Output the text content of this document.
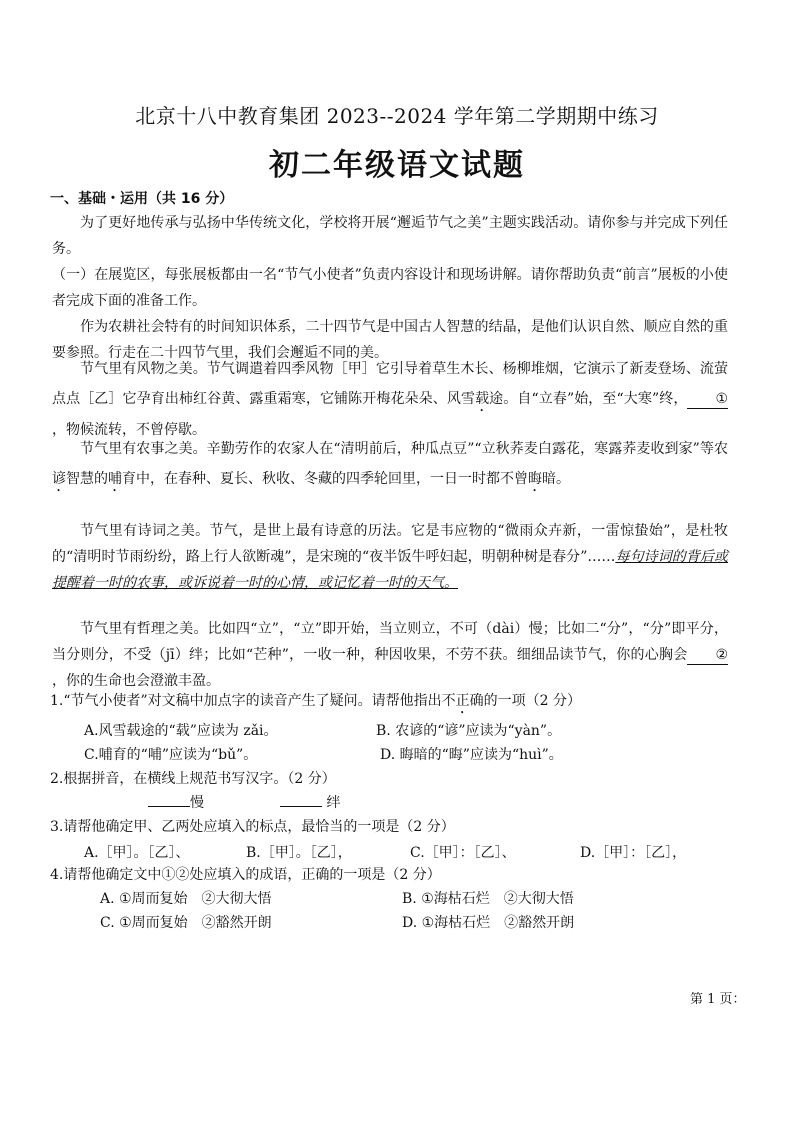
北京十八中教育集团 2023--2024 学年第二学期期中练习
初二年级语文试题
一、基础・运用（共 16 分）
为了更好地传承与弘扬中华传统文化，学校将开展“邂逅节气之美”主题实践活动。请你参与并完成下列任务。
（一）在展览区，每张展板都由一名“节气小使者”负责内容设计和现场讲解。请你帮助负责“前言”展板的小使者完成下面的准备工作。
作为农耕社会特有的时间知识体系，二十四节气是中国古人智慧的结晶，是他们认识自然、顺应自然的重要参照。行走在二十四节气里，我们会邂逅不同的美。
节气里有风物之美。节气调遣着四季风物［甲］它引导着草生木长、杨柳堆烟，它演示了新麦登场、流萤点点［乙］它孕育出柿红谷黄、露重霜寒，它铺陈开梅花朵朵、风雪载途。自“立春”始，至“大寒”终， ①，物候流转，不曾停歇。
节气里有农事之美。辛勤劳作的农家人在“清明前后，种瓜点豆”“立秋荞麦白露花，寒露荞麦收到家”等农谚智慧的哺育中，在春种、夏长、秋收、冬藏的四季轮回里，一日一时都不曾晦暗。
节气里有诗词之美。节气，是世上最有诗意的历法。它是韦应物的“微雨众卉新，一雷惊蛰始”，是杜牧的“清明时节雨纷纷，路上行人欲断魂”，是宋琬的“夜半饭牛呼妇起，明朝种树是春分”……每句诗词的背后或提醒着一时的农事，或诉说着一时的心情，或记忆着一时的天气。
节气里有哲理之美。比如四“立”，“立”即开始，当立则立，不可（dài）慢；比如二“分”，“分”即平分，当分则分，不受（jī）绊；比如“芒种”，一收一种，种因收果，不劳不获。细细品读节气，你的心胸会 ②，你的生命也会澄澈丰盈。
1.“节气小使者”对文稿中加点字的读音产生了疑问。请帮他指出不正确的一项（2 分）
A.风雪载途的“载”应读为 zǎi。	B. 农谚的“谚”应读为“yàn”。
C.哺育的“哺”应读为“bǔ”。	D. 晦暗的“晦”应读为“huì”。
2.根据拼音，在横线上规范书写汉字。（2 分）
慢	绊
3.请帮他确定甲、乙两处应填入的标点，最恰当的一项是（2 分）
A.［甲］。［乙］、	B.［甲］。［乙］，	C.［甲］：［乙］、	D.［甲］：［乙］，
4.请帮他确定文中①②处应填入的成语，正确的一项是（2 分）
A. ①周而复始　②大彻大悟	B. ①海枯石烂　②大彻大悟
C. ①周而复始　②豁然开朗	D. ①海枯石烂　②豁然开朗
第 1 页：
